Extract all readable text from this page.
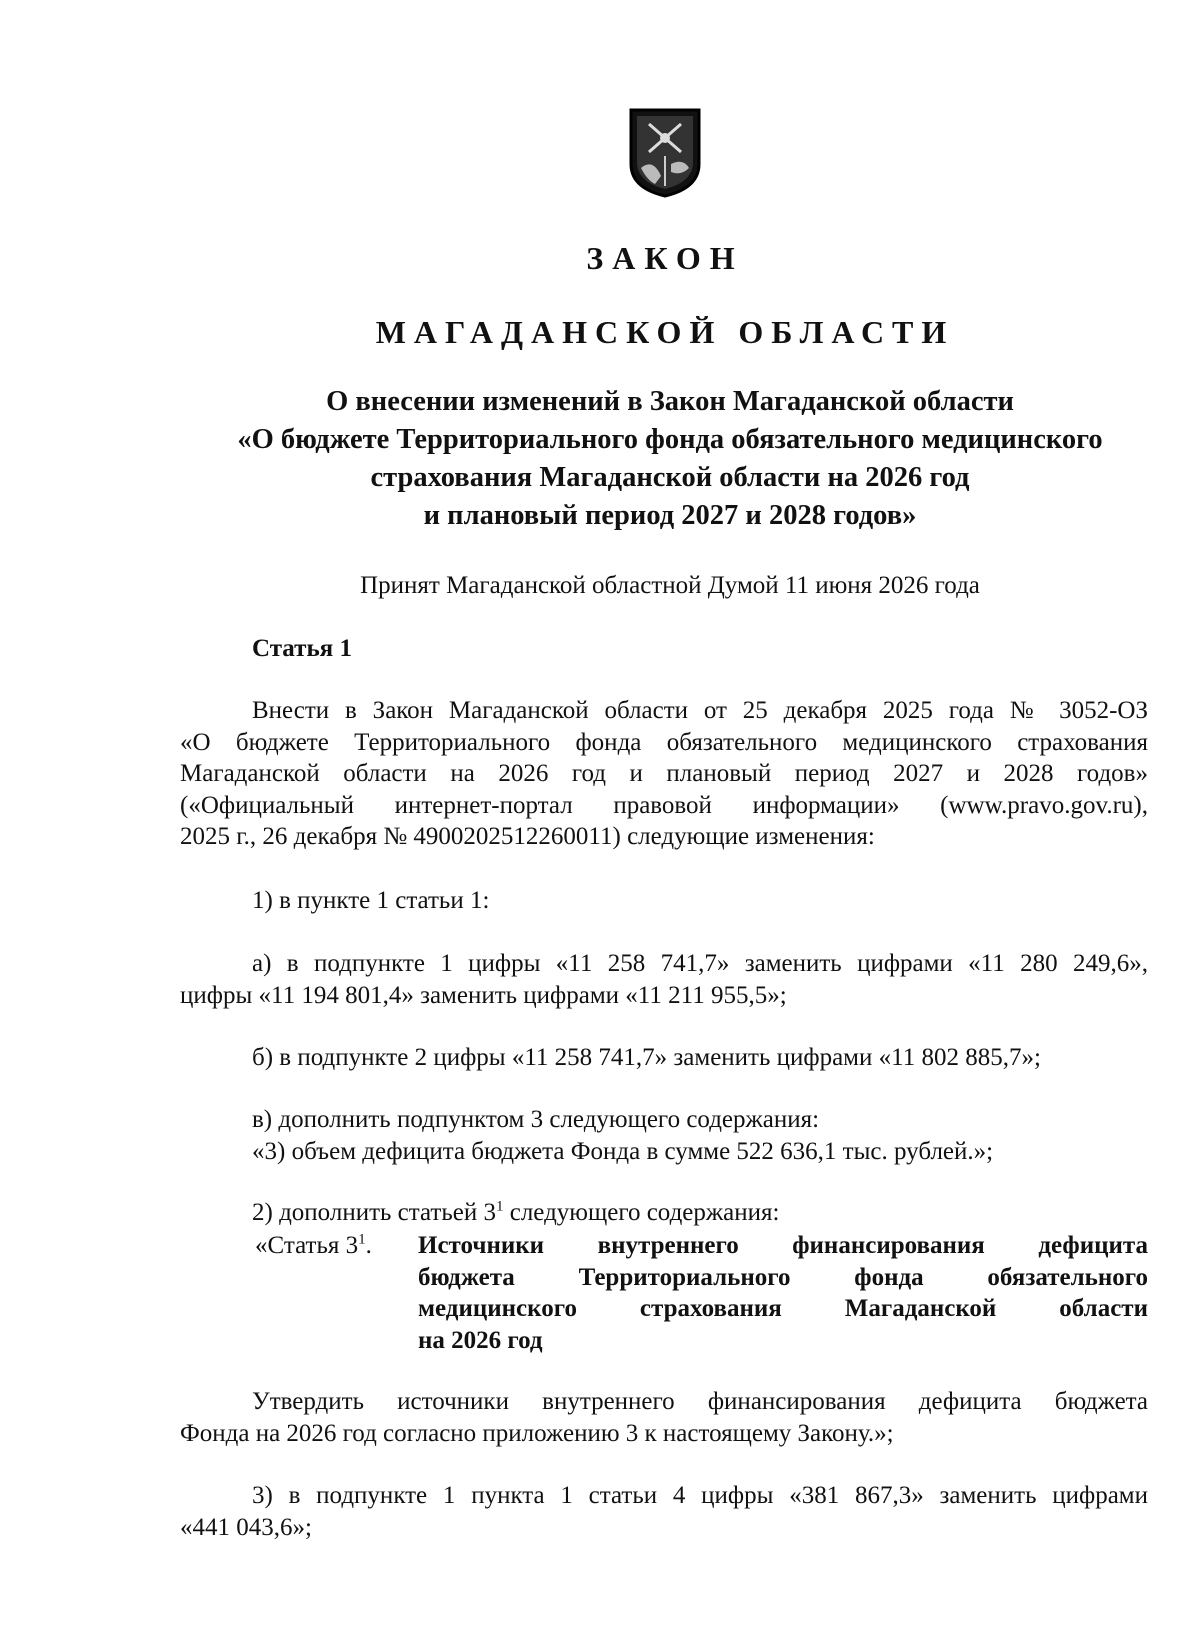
ЗАКОН
МАГАДАНСКОЙ ОБЛАСТИ
О внесении изменений в Закон Магаданской области
«О бюджете Территориального фонда обязательного медицинского
страхования Магаданской области на 2026 год
и плановый период 2027 и 2028 годов»
Принят Магаданской областной Думой 11 июня 2026 года
Статья 1
Внести в Закон Магаданской области от 25 декабря 2025 года № 3052-ОЗ
«О бюджете Территориального фонда обязательного медицинского страхования
Магаданской области на 2026 год и плановый период 2027 и 2028 годов»
(«Официальный интернет-портал правовой информации» (www.pravo.gov.ru),
2025 г., 26 декабря № 4900202512260011) следующие изменения:
1) в пункте 1 статьи 1:
а) в подпункте 1 цифры «11 258 741,7» заменить цифрами «11 280 249,6»,
цифры «11 194 801,4» заменить цифрами «11 211 955,5»;
б) в подпункте 2 цифры «11 258 741,7» заменить цифрами «11 802 885,7»;
в) дополнить подпунктом 3 следующего содержания:
«3) объем дефицита бюджета Фонда в сумме 522 636,1 тыс. рублей.»;
2) дополнить статьей $3^1$ следующего содержания:
«Статья $3^1$. Источники внутреннего финансирования дефицита
бюджета Территориального фонда обязательного
медицинского страхования Магаданской области
на 2026 год
Утвердить источники внутреннего финансирования дефицита бюджета
Фонда на 2026 год согласно приложению 3 к настоящему Закону.»;
3) в подпункте 1 пункта 1 статьи 4 цифры «381 867,3» заменить цифрами
«441 043,6»;
